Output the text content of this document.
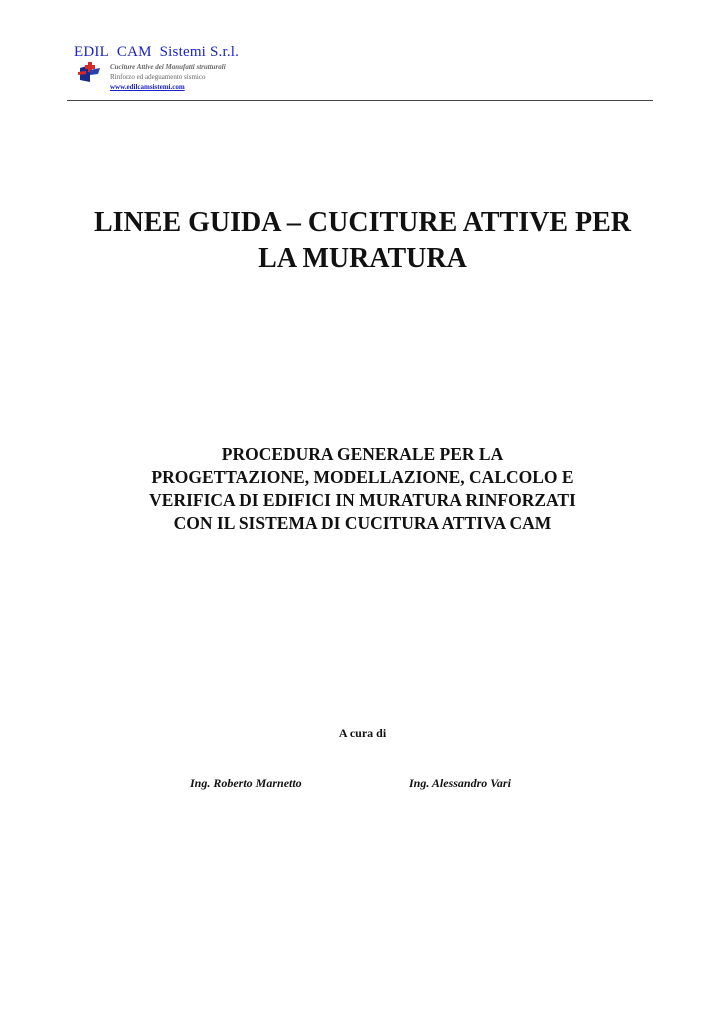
EDIL CAM Sistemi S.r.l.
Cuciture Attive dei Manufatti strutturali
Rinforzo ed adeguamento sismico
www.edilcamsistemi.com
LINEE GUIDA – CUCITURE ATTIVE PER
LA MURATURA
PROCEDURA GENERALE PER LA
PROGETTAZIONE, MODELLAZIONE, CALCOLO E
VERIFICA DI EDIFICI IN MURATURA RINFORZATI
CON IL SISTEMA DI CUCITURA ATTIVA CAM
A cura di
Ing. Roberto Marnetto	Ing. Alessandro Vari
